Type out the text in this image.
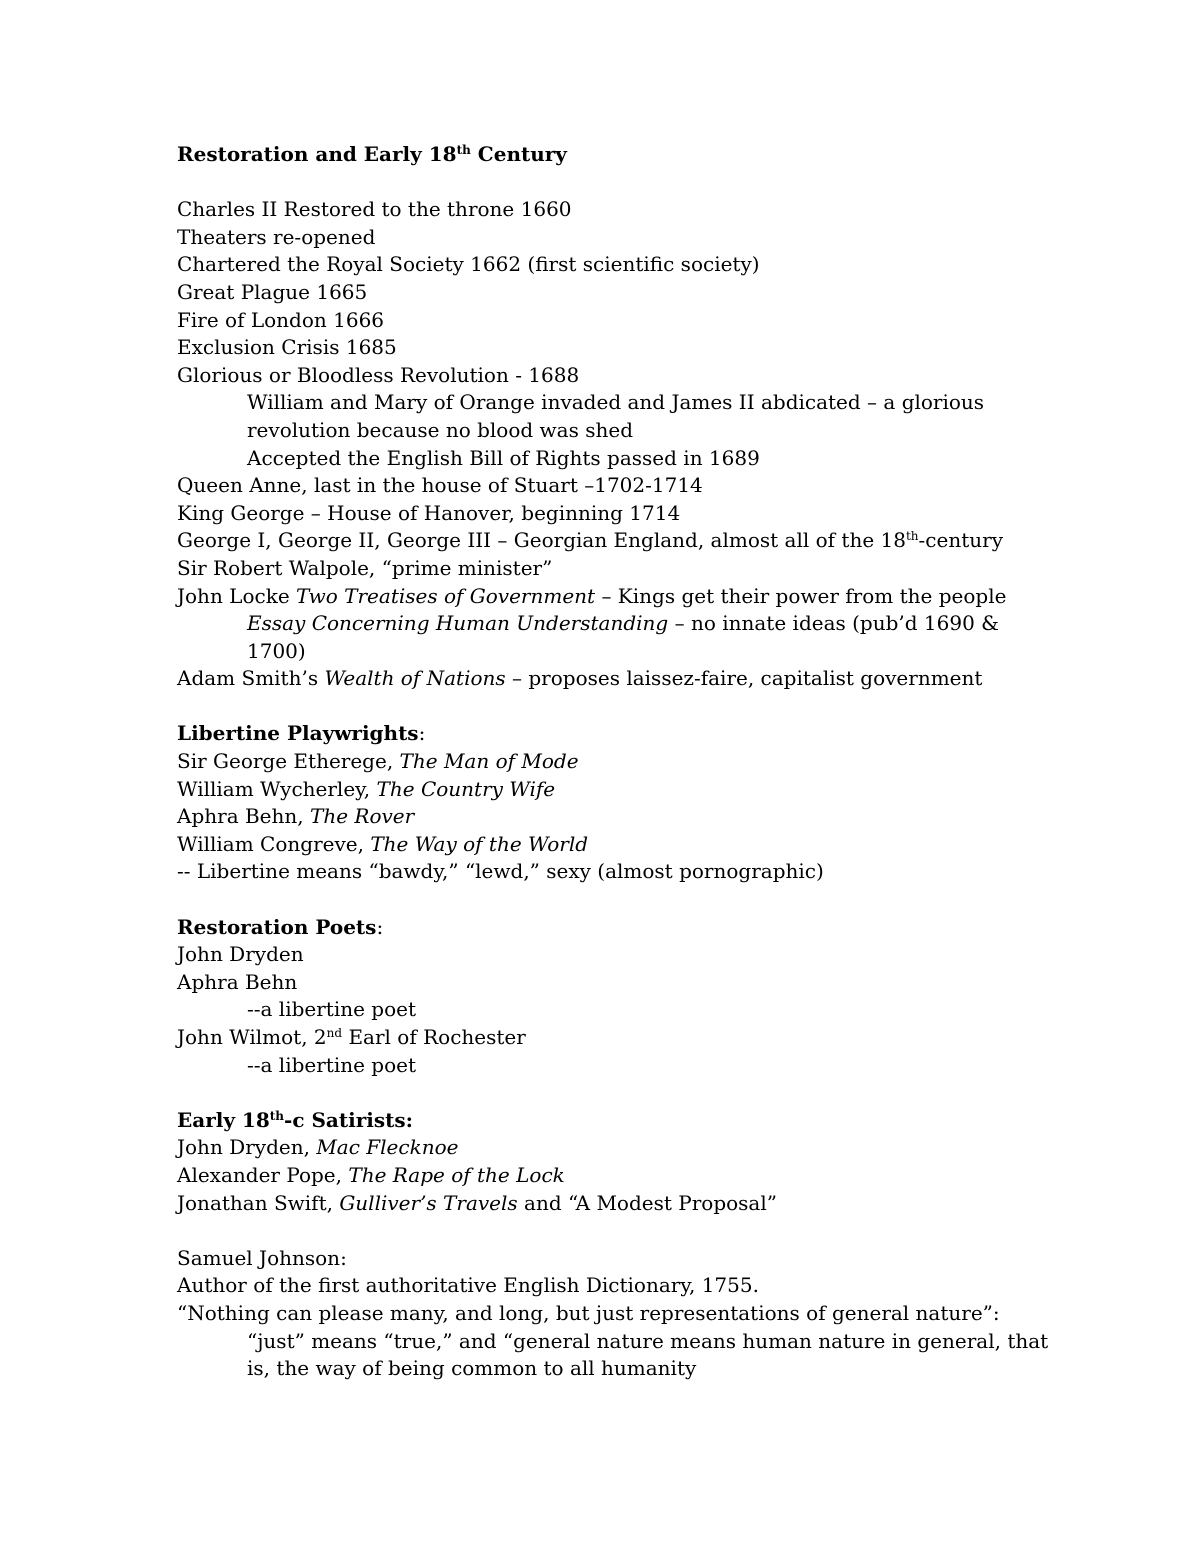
Restoration and Early 18th Century
Charles II Restored to the throne 1660
Theaters re-opened
Chartered the Royal Society 1662 (first scientific society)
Great Plague 1665
Fire of London 1666
Exclusion Crisis 1685
Glorious or Bloodless Revolution - 1688
William and Mary of Orange invaded and James II abdicated – a glorious revolution because no blood was shed
Accepted the English Bill of Rights passed in 1689
Queen Anne, last in the house of Stuart –1702-1714
King George – House of Hanover, beginning 1714
George I, George II, George III – Georgian England, almost all of the 18th-century
Sir Robert Walpole, “prime minister”
John Locke Two Treatises of Government – Kings get their power from the people
Essay Concerning Human Understanding – no innate ideas (pub’d 1690 & 1700)
Adam Smith’s Wealth of Nations – proposes laissez-faire, capitalist government
Libertine Playwrights:
Sir George Etherege, The Man of Mode
William Wycherley, The Country Wife
Aphra Behn, The Rover
William Congreve, The Way of the World
-- Libertine means “bawdy,” “lewd,” sexy (almost pornographic)
Restoration Poets:
John Dryden
Aphra Behn
--a libertine poet
John Wilmot, 2nd Earl of Rochester
--a libertine poet
Early 18th-c Satirists:
John Dryden, Mac Flecknoe
Alexander Pope, The Rape of the Lock
Jonathan Swift, Gulliver’s Travels and “A Modest Proposal”
Samuel Johnson:
Author of the first authoritative English Dictionary, 1755.
“Nothing can please many, and long, but just representations of general nature”:
“just” means “true,” and “general nature means human nature in general, that is, the way of being common to all humanity
